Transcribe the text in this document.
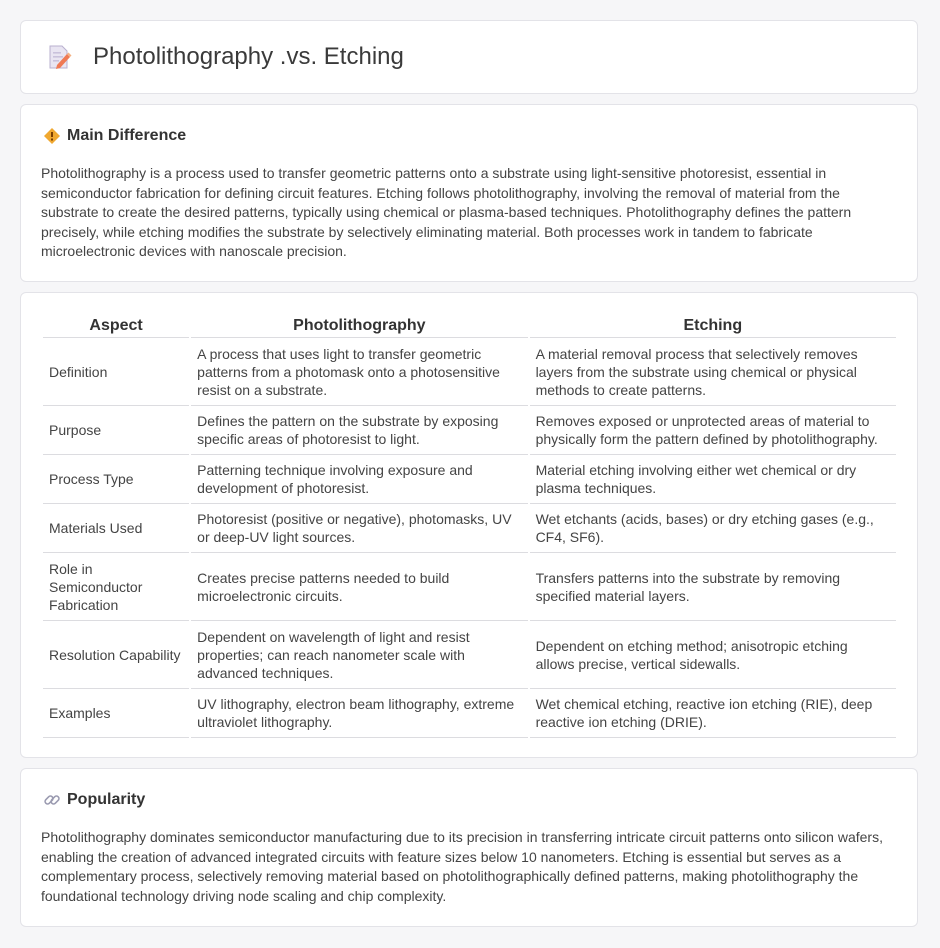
Photolithography .vs. Etching
Main Difference

Photolithography is a process used to transfer geometric patterns onto a substrate using light-sensitive photoresist, essential in semiconductor fabrication for defining circuit features. Etching follows photolithography, involving the removal of material from the substrate to create the desired patterns, typically using chemical or plasma-based techniques. Photolithography defines the pattern precisely, while etching modifies the substrate by selectively eliminating material. Both processes work in tandem to fabricate microelectronic devices with nanoscale precision.

Aspect	Photolithography	Etching
Definition	A process that uses light to transfer geometric patterns from a photomask onto a photosensitive resist on a substrate.	A material removal process that selectively removes layers from the substrate using chemical or physical methods to create patterns.
Purpose	Defines the pattern on the substrate by exposing specific areas of photoresist to light.	Removes exposed or unprotected areas of material to physically form the pattern defined by photolithography.
Process Type	Patterning technique involving exposure and development of photoresist.	Material etching involving either wet chemical or dry plasma techniques.
Materials Used	Photoresist (positive or negative), photomasks, UV or deep-UV light sources.	Wet etchants (acids, bases) or dry etching gases (e.g., CF4, SF6).
Role in Semiconductor Fabrication	Creates precise patterns needed to build microelectronic circuits.	Transfers patterns into the substrate by removing specified material layers.
Resolution Capability	Dependent on wavelength of light and resist properties; can reach nanometer scale with advanced techniques.	Dependent on etching method; anisotropic etching allows precise, vertical sidewalls.
Examples	UV lithography, electron beam lithography, extreme ultraviolet lithography.	Wet chemical etching, reactive ion etching (RIE), deep reactive ion etching (DRIE).
Popularity

Photolithography dominates semiconductor manufacturing due to its precision in transferring intricate circuit patterns onto silicon wafers, enabling the creation of advanced integrated circuits with feature sizes below 10 nanometers. Etching is essential but serves as a complementary process, selectively removing material based on photolithographically defined patterns, making photolithography the foundational technology driving node scaling and chip complexity.
